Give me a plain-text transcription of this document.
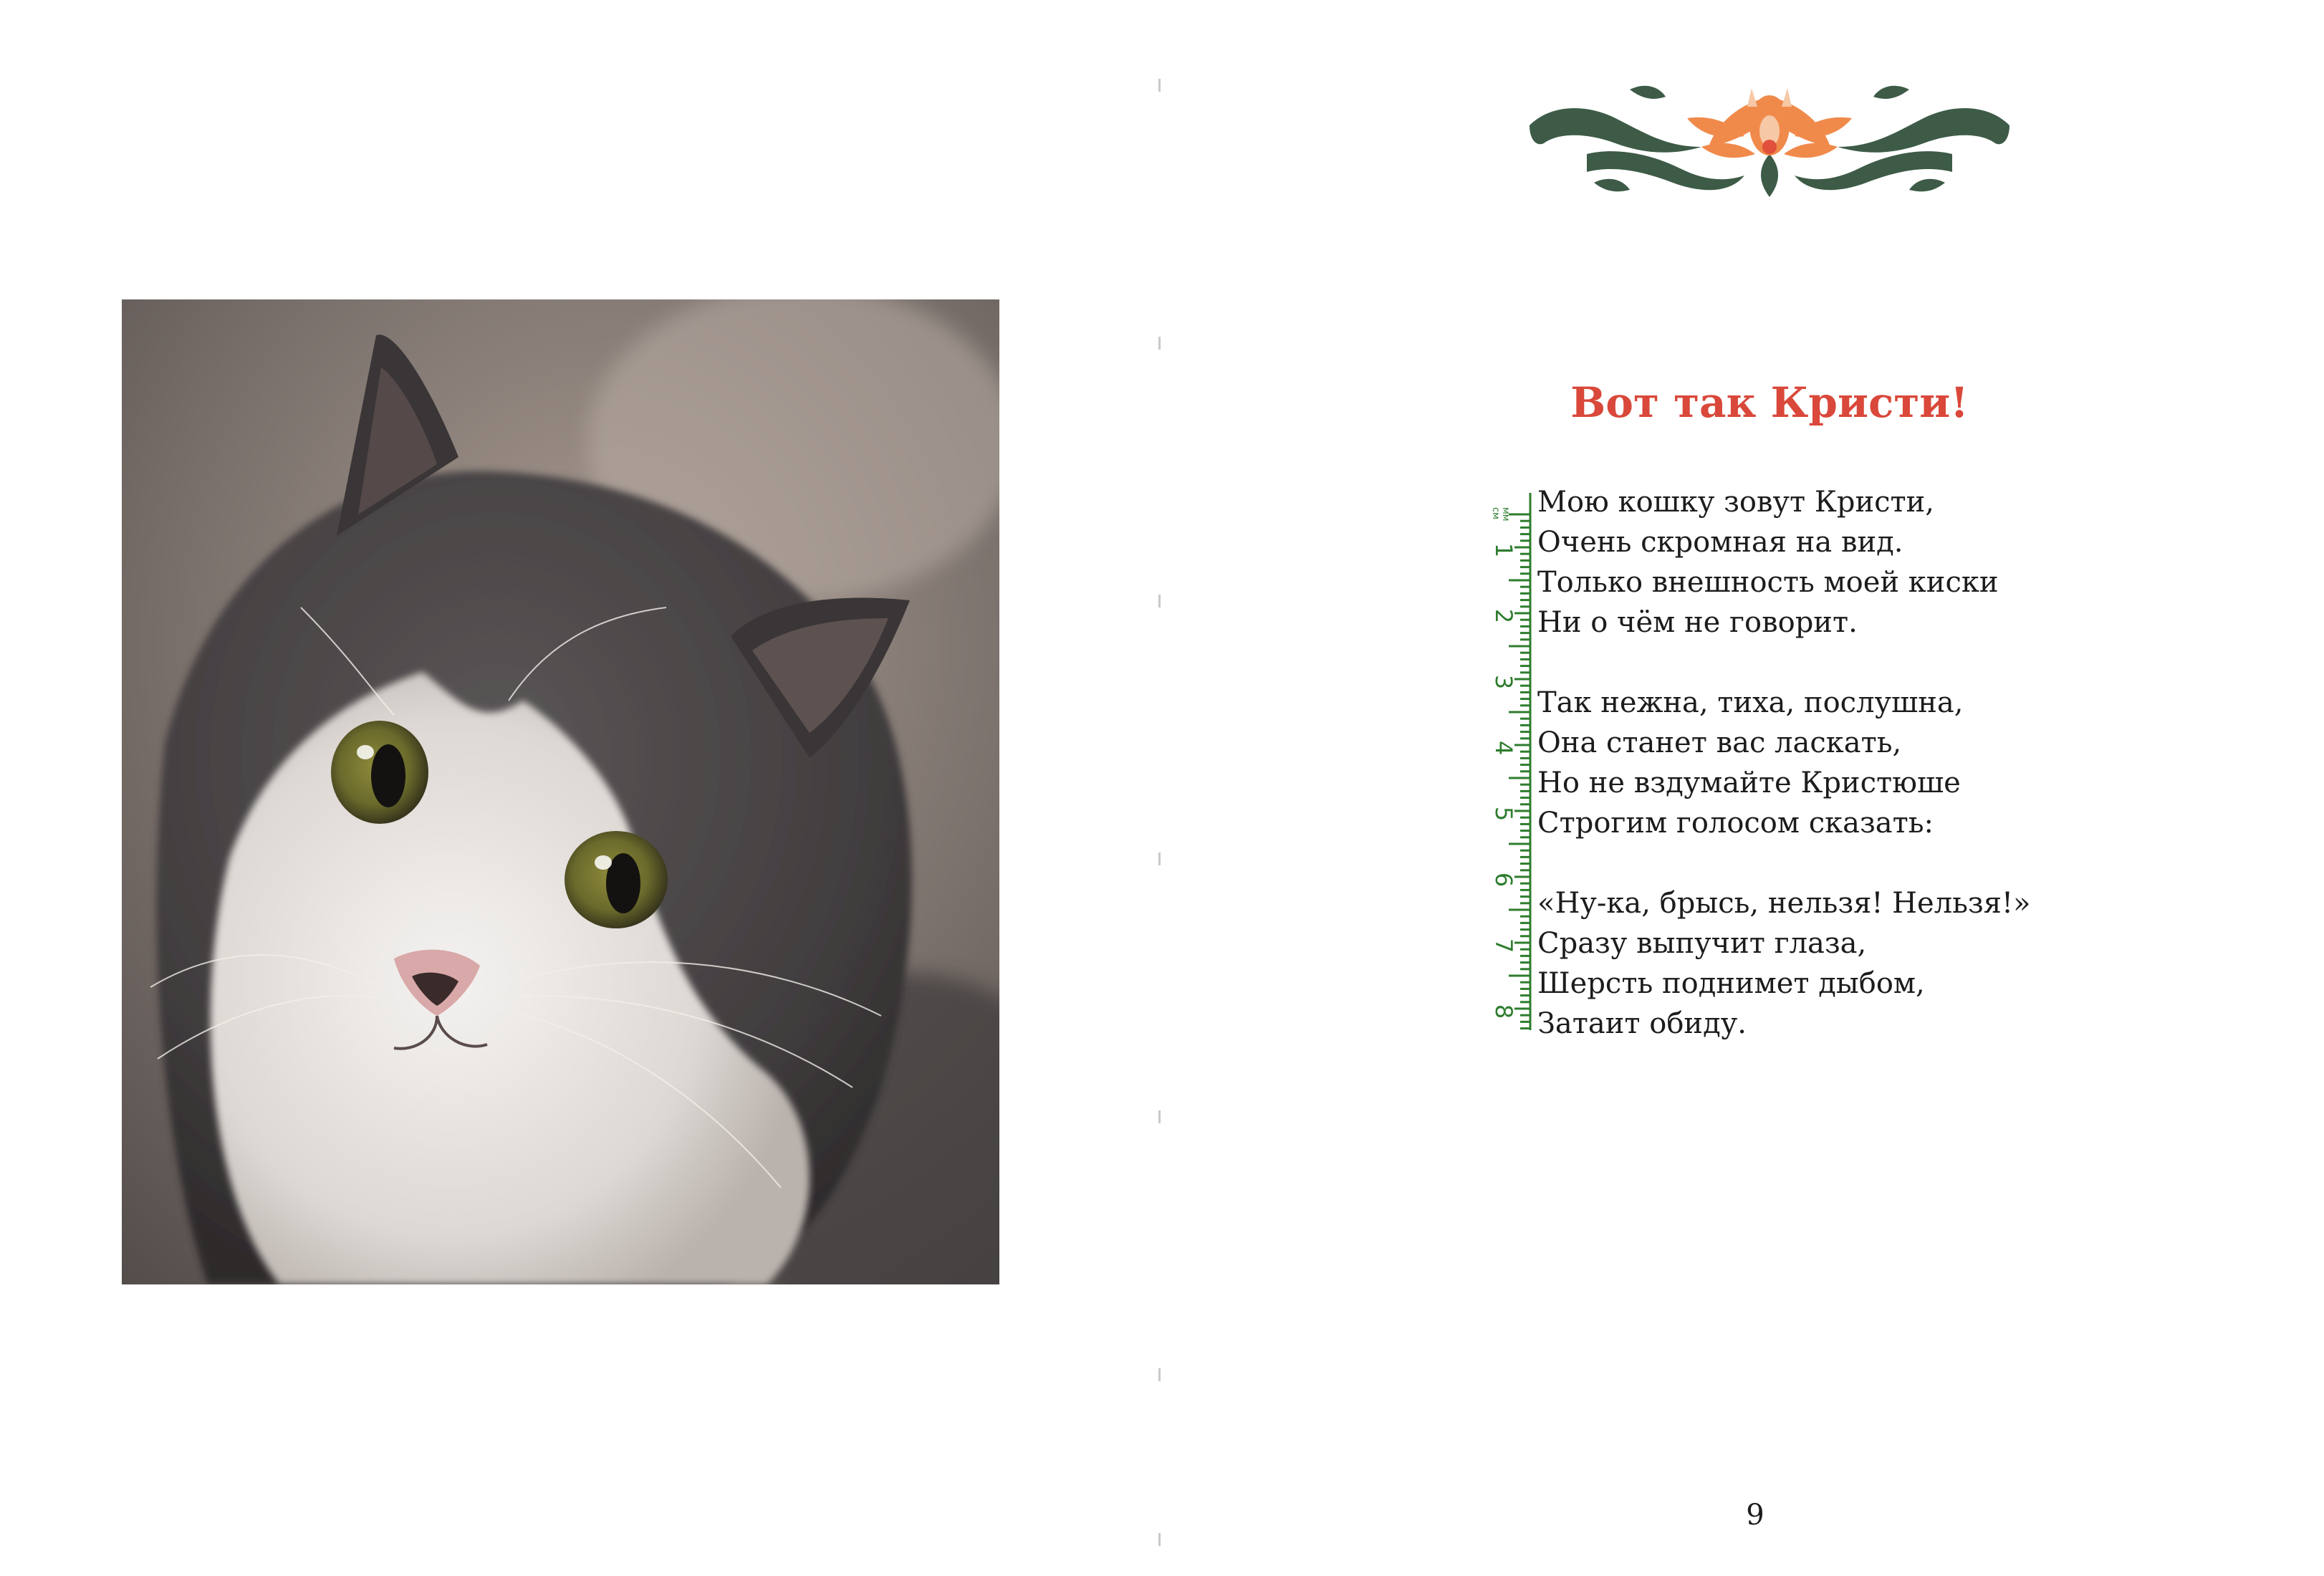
Вот так Кристи!
мм
см
1
2
3
4
5
6
7
8
Мою кошку зовут Кристи,
Очень скромная на вид.
Только внешность моей киски
Ни о чём не говорит.
Так нежна, тиха, послушна,
Она станет вас ласкать,
Но не вздумайте Кристюше
Строгим голосом сказать:
«Ну-ка, брысь, нельзя! Нельзя!»
Сразу выпучит глаза,
Шерсть поднимет дыбом,
Затаит обиду.
9
